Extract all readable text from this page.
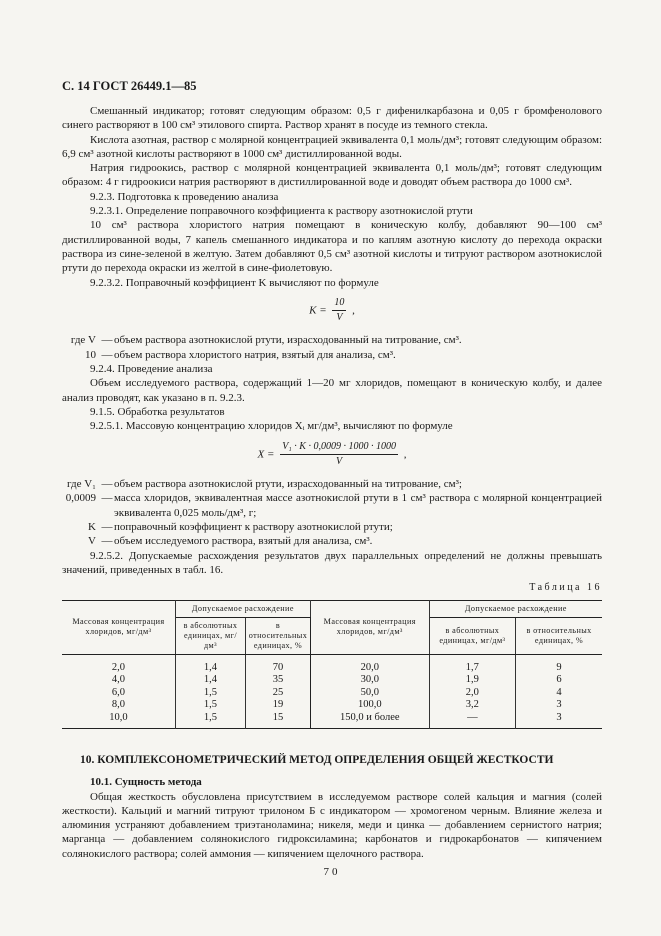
С. 14 ГОСТ 26449.1—85

Смешанный индикатор; готовят следующим образом: 0,5 г дифенилкарбазона и 0,05 г бромфенолового синего растворяют в 100 см³ этилового спирта. Раствор хранят в посуде из темного стекла.

Кислота азотная, раствор с молярной концентрацией эквивалента 0,1 моль/дм³; готовят следующим образом: 6,9 см³ азотной кислоты растворяют в 1000 см³ дистиллированной воды.

Натрия гидроокись, раствор с молярной концентрацией эквивалента 0,1 моль/дм³; готовят следующим образом: 4 г гидроокиси натрия растворяют в дистиллированной воде и доводят объем раствора до 1000 см³.

9.2.3. Подготовка к проведению анализа

9.2.3.1. Определение поправочного коэффициента к раствору азотнокислой ртути

10 см³ раствора хлористого натрия помещают в коническую колбу, добавляют 90—100 см³ дистиллированной воды, 7 капель смешанного индикатора и по каплям азотную кислоту до перехода окраски раствора из сине-зеленой в желтую. Затем добавляют 0,5 см³ азотной кислоты и титруют раствором азотнокислой ртути до перехода окраски из желтой в сине-фиолетовую.

9.2.3.2. Поправочный коэффициент K вычисляют по формуле

$K = \frac{10}{V}$ ,
где V — объем раствора азотнокислой ртути, израсходованный на титрование, см³.
10 — объем раствора хлористого натрия, взятый для анализа, см³.

9.2.4. Проведение анализа

Объем исследуемого раствора, содержащий 1—20 мг хлоридов, помещают в коническую колбу, и далее анализ проводят, как указано в п. 9.2.3.

9.1.5. Обработка результатов

9.2.5.1. Массовую концентрацию хлоридов Xᵢ мг/дм³, вычисляют по формуле

$X = \frac{\text{V₁ · K · 0,0009 · 1000 · 1000}}{V}$ ,
где V₁ — объем раствора азотнокислой ртути, израсходованный на титрование, см³;
0,0009 — масса хлоридов, эквивалентная массе азотнокислой ртути в 1 см³ раствора с молярной концентрацией эквивалента 0,025 моль/дм³, г;
K — поправочный коэффициент к раствору азотнокислой ртути;
V — объем исследуемого раствора, взятый для анализа, см³.

9.2.5.2. Допускаемые расхождения результатов двух параллельных определений не должны превышать значений, приведенных в табл. 16.

Таблица 16
Массовая концентрация хлоридов, мг/дм³	Допускаемое расхождение		Массовая концентрация хлоридов, мг/дм³	Допускаемое расхождение	
	в абсолютных единицах, мг/дм³	в относительных единицах, %		в абсолютных единицах, мг/дм³	в относительных единицах, %
2,0	1,4	70	20,0	1,7	9
4,0	1,4	35	30,0	1,9	6
6,0	1,5	25	50,0	2,0	4
8,0	1,5	19	100,0	3,2	3
10,0	1,5	15	150,0 и более	—	3
10. КОМПЛЕКСОНОМЕТРИЧЕСКИЙ МЕТОД ОПРЕДЕЛЕНИЯ ОБЩЕЙ ЖЕСТКОСТИ
10.1. Сущность метода

Общая жесткость обусловлена присутствием в исследуемом растворе солей кальция и магния (солей жесткости). Кальций и магний титруют трилоном Б с индикатором — хромогеном черным. Влияние железа и алюминия устраняют добавлением триэтаноламина; никеля, меди и цинка — добавлением сернистого натрия; марганца — добавлением солянокислого гидроксиламина; карбонатов и гидрокарбонатов — кипячением солянокислого раствора; солей аммония — кипячением щелочного раствора.

70
